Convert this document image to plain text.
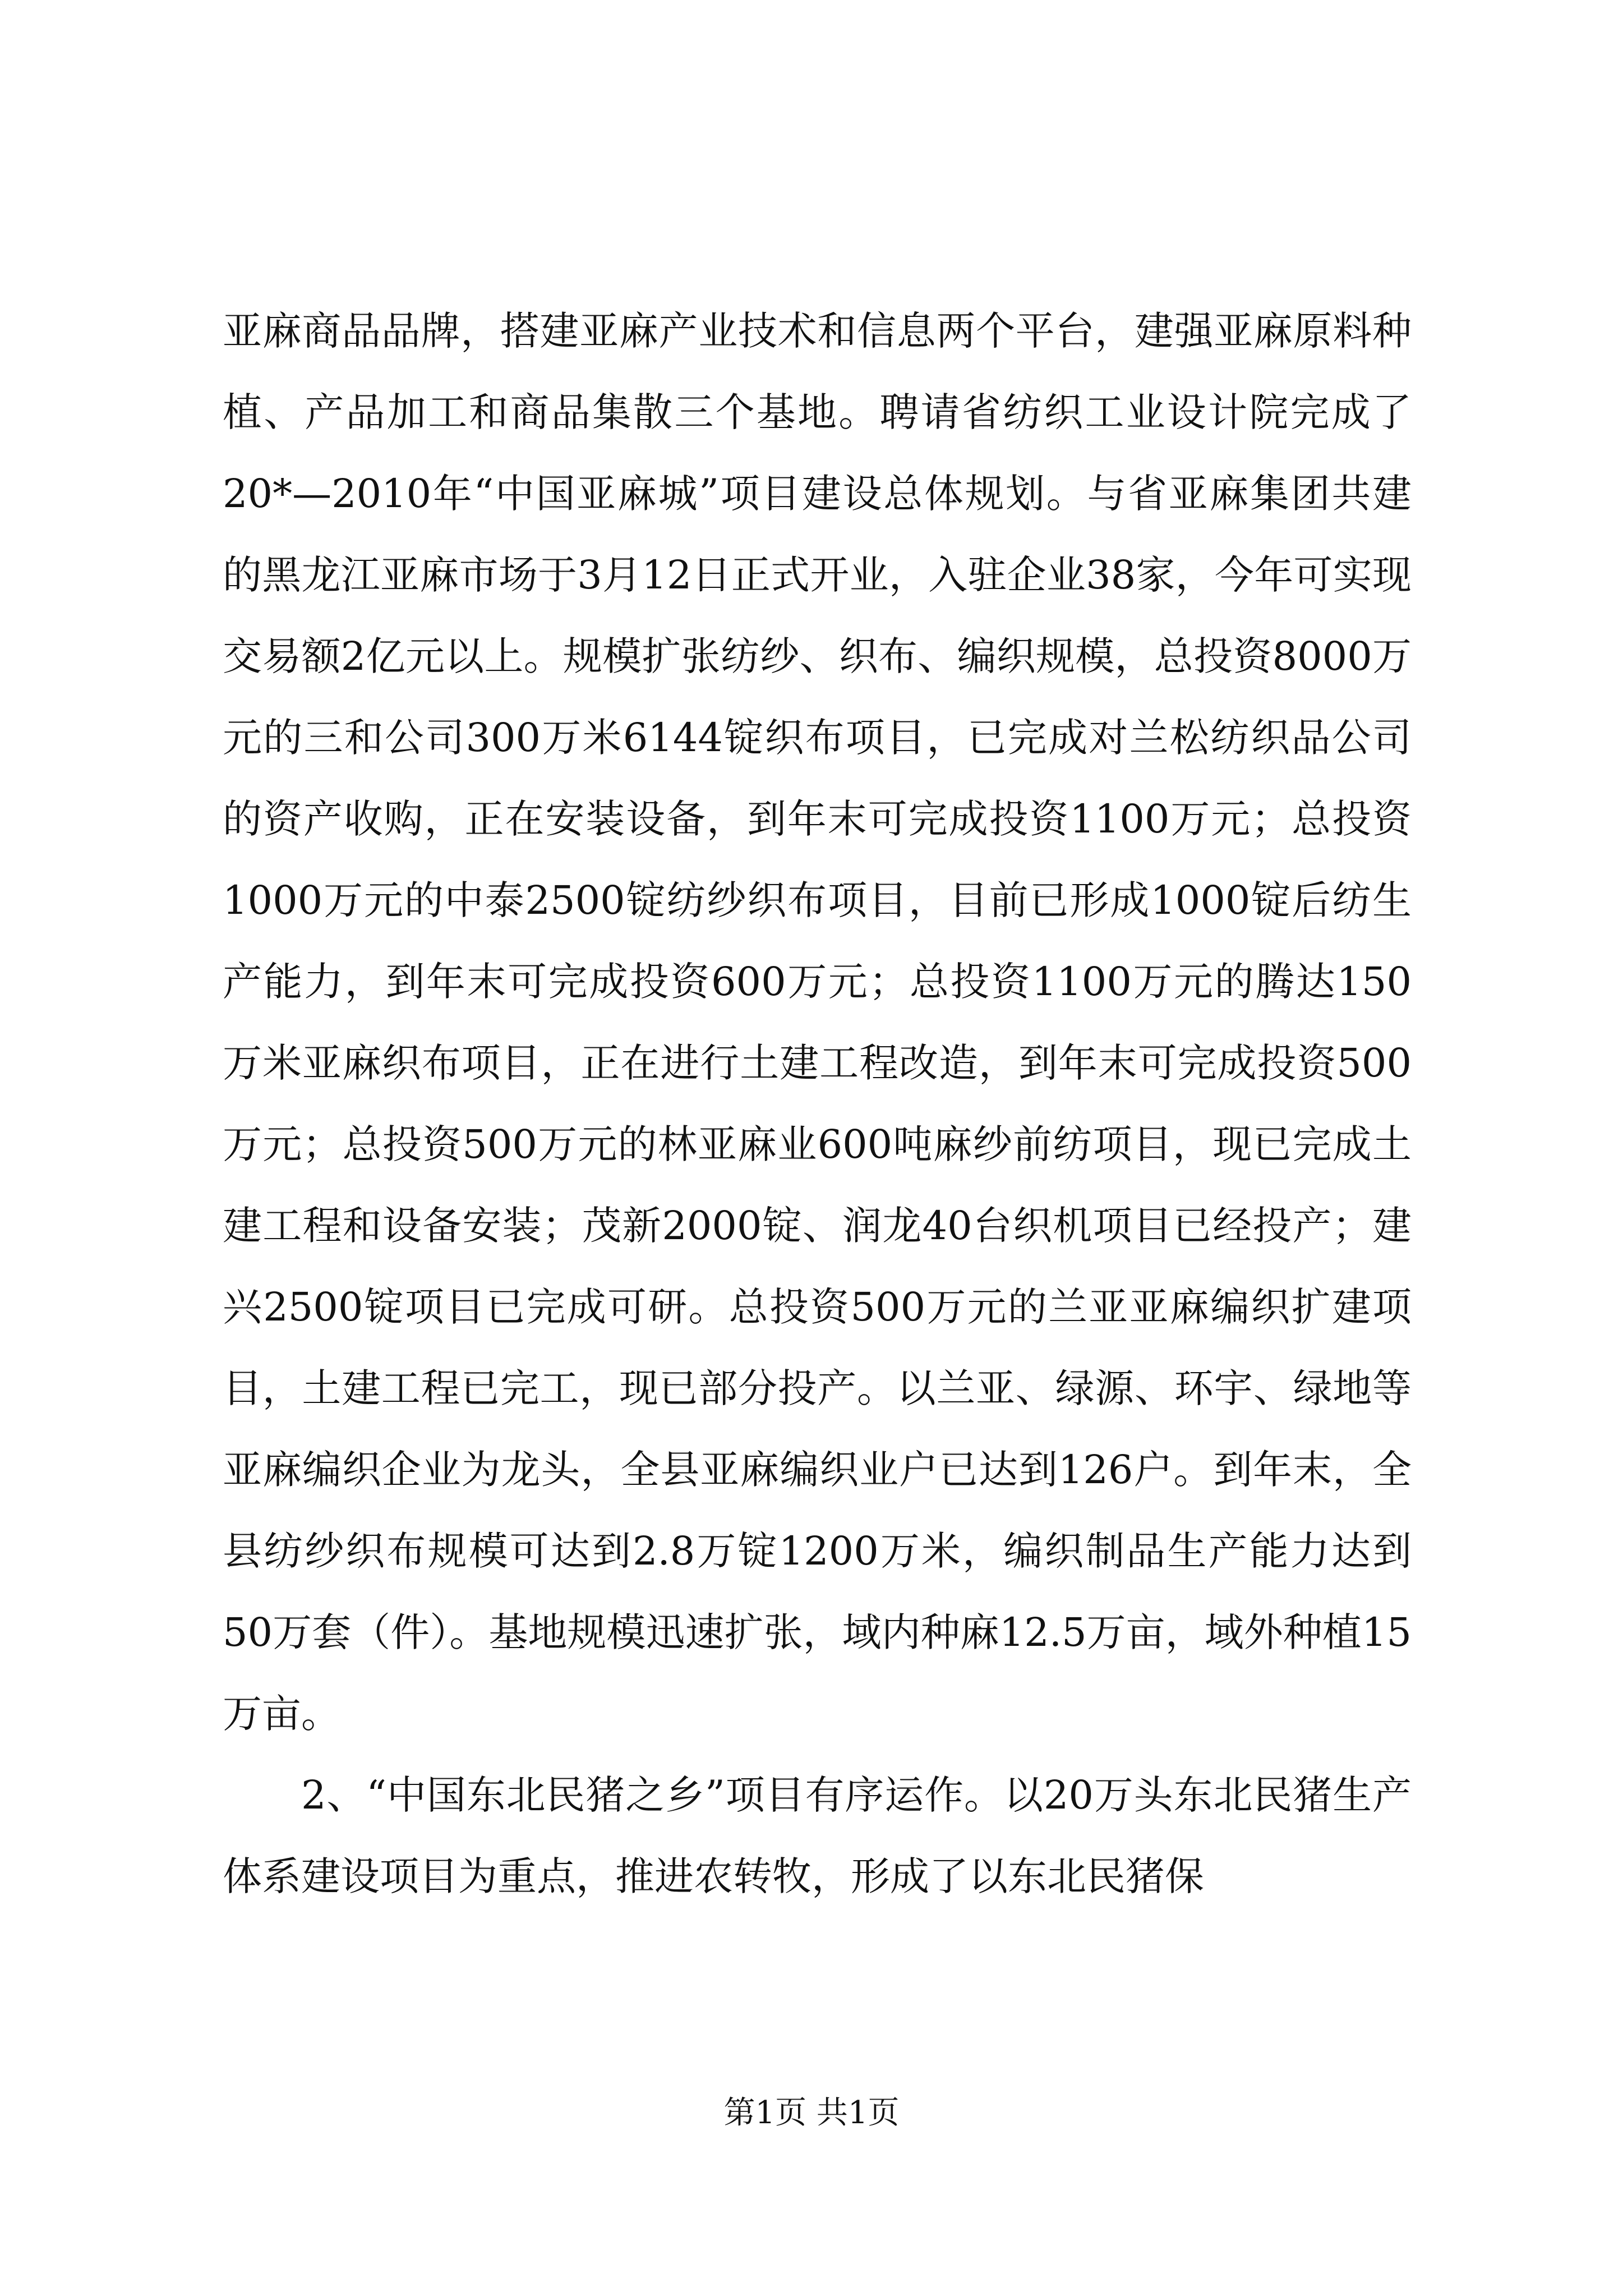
亚麻商品品牌，搭建亚麻产业技术和信息两个平台，建强亚麻原料种植、产品加工和商品集散三个基地。聘请省纺织工业设计院完成了20*—2010年“中国亚麻城”项目建设总体规划。与省亚麻集团共建的黑龙江亚麻市场于3月12日正式开业，入驻企业38家，今年可实现交易额2亿元以上。规模扩张纺纱、织布、编织规模，总投资8000万元的三和公司300万米6144锭织布项目，已完成对兰松纺织品公司的资产收购，正在安装设备，到年末可完成投资1100万元；总投资1000万元的中泰2500锭纺纱织布项目，目前已形成1000锭后纺生产能力，到年末可完成投资600万元；总投资1100万元的腾达150万米亚麻织布项目，正在进行土建工程改造，到年末可完成投资500万元；总投资500万元的林亚麻业600吨麻纱前纺项目，现已完成土建工程和设备安装；茂新2000锭、润龙40台织机项目已经投产；建兴2500锭项目已完成可研。总投资500万元的兰亚亚麻编织扩建项目，土建工程已完工，现已部分投产。以兰亚、绿源、环宇、绿地等亚麻编织企业为龙头，全县亚麻编织业户已达到126户。到年末，全县纺纱织布规模可达到2.8万锭1200万米，编织制品生产能力达到50万套（件）。基地规模迅速扩张，域内种麻12.5万亩，域外种植15万亩。

2、“中国东北民猪之乡”项目有序运作。以20万头东北民猪生产体系建设项目为重点，推进农转牧，形成了以东北民猪保

第1页 共1页
